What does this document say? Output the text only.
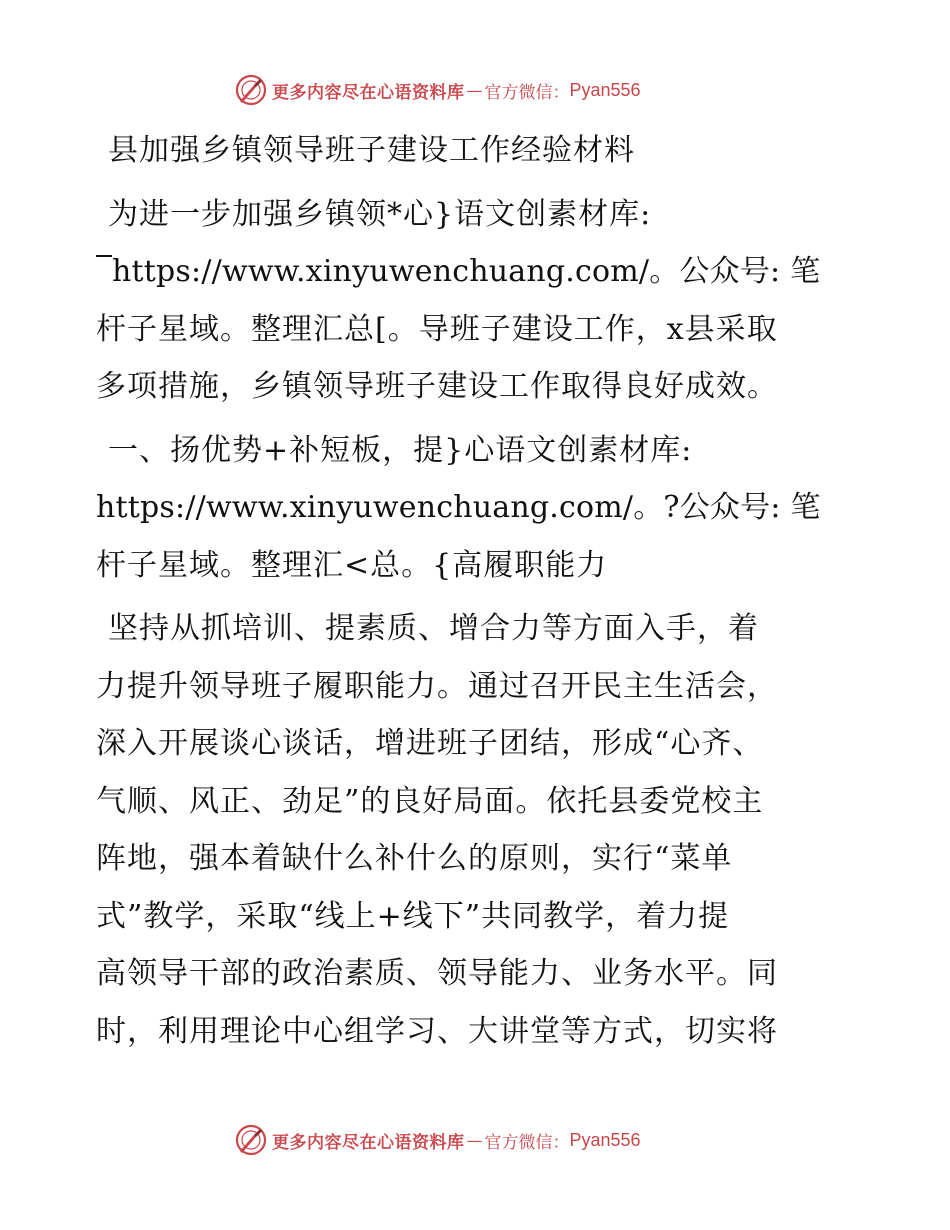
更多内容尽在心语资料库 — 官方微信： Pyan556
县加强乡镇领导班子建设工作经验材料
为进一步加强乡镇领*心}语文创素材库:
https://www.xinyuwenchuang.com/。公众号: 笔
杆子星域。整理汇总[。导班子建设工作，x县采取
多项措施，乡镇领导班子建设工作取得良好成效。
一、扬优势+补短板，提}心语文创素材库:
https://www.xinyuwenchuang.com/。?公众号: 笔
杆子星域。整理汇<总。{高履职能力
坚持从抓培训、提素质、增合力等方面入手，着
力提升领导班子履职能力。通过召开民主生活会，
深入开展谈心谈话，增进班子团结，形成“心齐、
气顺、风正、劲足”的良好局面。依托县委党校主
阵地，强本着缺什么补什么的原则，实行“菜单
式”教学，采取“线上+线下”共同教学，着力提
高领导干部的政治素质、领导能力、业务水平。同
时，利用理论中心组学习、大讲堂等方式，切实将
更多内容尽在心语资料库 — 官方微信： Pyan556
